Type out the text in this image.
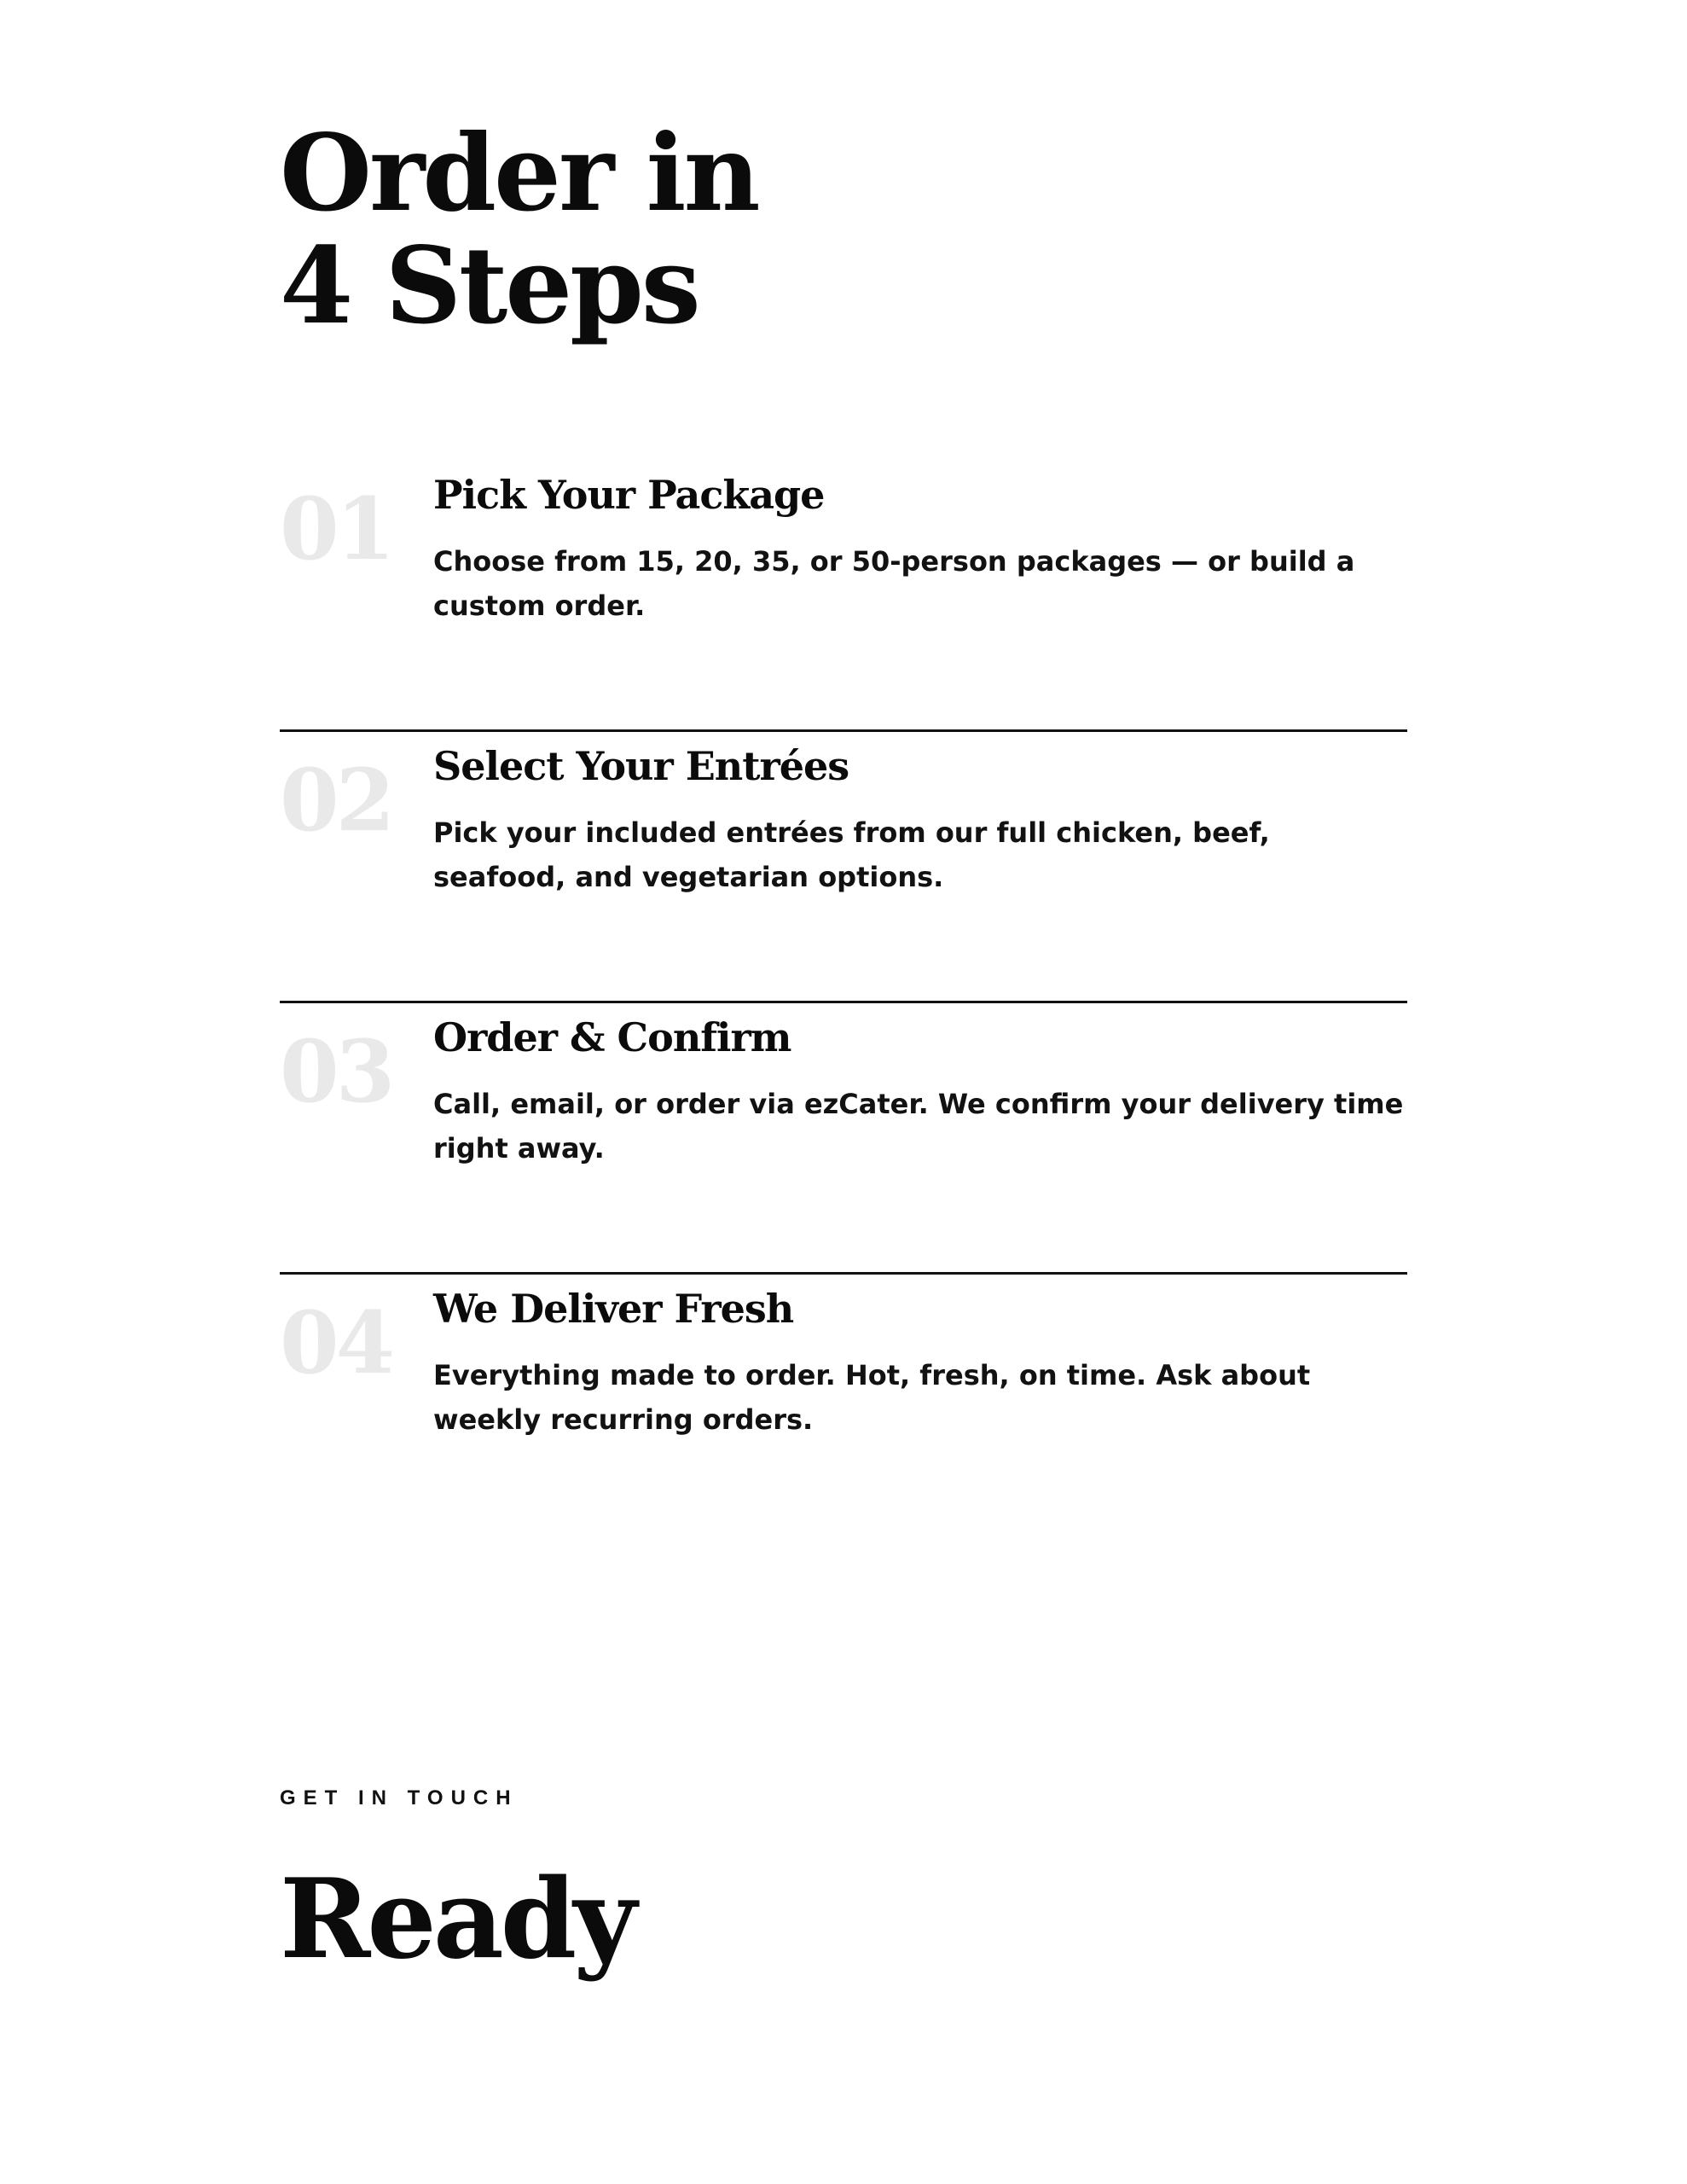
Order in
4 Steps
01 Pick Your Package

Choose from 15, 20, 35, or 50-person packages — or build a custom order.

02 Select Your Entrées

Pick your included entrées from our full chicken, beef, seafood, and vegetarian options.

03 Order & Confirm

Call, email, or order via ezCater. We confirm your delivery time right away.

04 We Deliver Fresh

Everything made to order. Hot, fresh, on time. Ask about weekly recurring orders.

GET IN TOUCH
Ready
